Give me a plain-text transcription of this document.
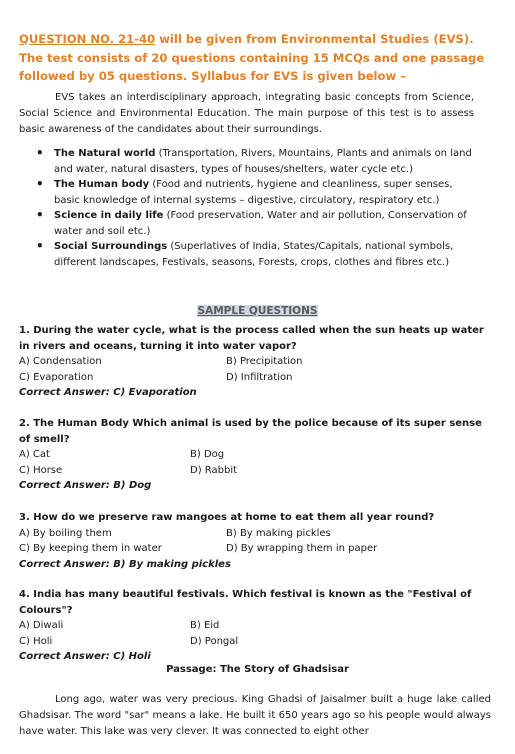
QUESTION NO. 21-40 will be given from Environmental Studies (EVS). The test consists of 20 questions containing 15 MCQs and one passage followed by 05 questions. Syllabus for EVS is given below –
EVS takes an interdisciplinary approach, integrating basic concepts from Science, Social Science and Environmental Education. The main purpose of this test is to assess basic awareness of the candidates about their surroundings.
• The Natural world (Transportation, Rivers, Mountains, Plants and animals on land and water, natural disasters, types of houses/shelters, water cycle etc.)
• The Human body (Food and nutrients, hygiene and cleanliness, super senses, basic knowledge of internal systems – digestive, circulatory, respiratory etc.)
• Science in daily life (Food preservation, Water and air pollution, Conservation of water and soil etc.)
• Social Surroundings (Superlatives of India, States/Capitals, national symbols, different landscapes, Festivals, seasons, Forests, crops, clothes and fibres etc.)
SAMPLE QUESTIONS
1. During the water cycle, what is the process called when the sun heats up water in rivers and oceans, turning it into water vapor?
A) Condensation	B) Precipitation
C) Evaporation	D) Infiltration
Correct Answer: C) Evaporation
2. The Human Body Which animal is used by the police because of its super sense of smell?
A) Cat	B) Dog
C) Horse	D) Rabbit
Correct Answer: B) Dog
3. How do we preserve raw mangoes at home to eat them all year round?
A) By boiling them	B) By making pickles
C) By keeping them in water	D) By wrapping them in paper
Correct Answer: B) By making pickles
4. India has many beautiful festivals. Which festival is known as the "Festival of Colours"?
A) Diwali	B) Eid
C) Holi	D) Pongal
Correct Answer: C) Holi
Passage: The Story of Ghadsisar
Long ago, water was very precious. King Ghadsi of Jaisalmer built a huge lake called Ghadsisar. The word "sar" means a lake. He built it 650 years ago so his people would always have water. This lake was very clever. It was connected to eight other
